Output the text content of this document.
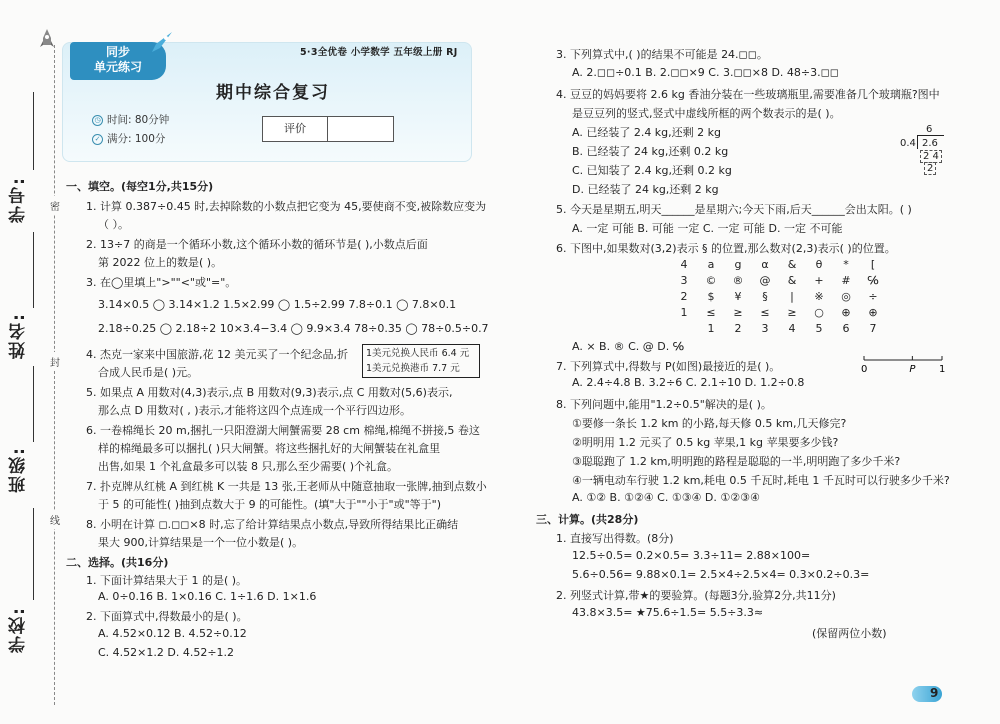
密
封
线
学号:
姓名:
班级:
学校:
同步
单元练习
5·3全优卷 小学数学 五年级上册 RJ
期中综合复习
◷ 时间: 80分钟
✓ 满分: 100分
评价
一、填空。(每空1分,共15分)
1. 计算 0.387÷0.45 时,去掉除数的小数点把它变为 45,要使商不变,被除数应变为
（ ）。
2. 13÷7 的商是一个循环小数,这个循环小数的循环节是( ),小数点后面
第 2022 位上的数是( )。
3. 在◯里填上">""<"或"="。
3.14×0.5 ◯ 3.14×1.2 1.5×2.99 ◯ 1.5÷2.99 7.8÷0.1 ◯ 7.8×0.1
2.18÷0.25 ◯ 2.18÷2 10×3.4−3.4 ◯ 9.9×3.4 78÷0.35 ◯ 78÷0.5÷0.7
4. 杰克一家来中国旅游,花 12 美元买了一个纪念品,折
合成人民币是( )元。
1美元兑换人民币 6.4 元
1美元兑换港币 7.7 元
5. 如果点 A 用数对(4,3)表示,点 B 用数对(9,3)表示,点 C 用数对(5,6)表示,
那么点 D 用数对( , )表示,才能将这四个点连成一个平行四边形。
6. 一卷棉绳长 20 m,捆扎一只阳澄湖大闸蟹需要 28 cm 棉绳,棉绳不拼接,5 卷这
样的棉绳最多可以捆扎( )只大闸蟹。将这些捆扎好的大闸蟹装在礼盒里
出售,如果 1 个礼盒最多可以装 8 只,那么至少需要( )个礼盒。
7. 扑克牌从红桃 A 到红桃 K 一共是 13 张,王老师从中随意抽取一张牌,抽到点数小
于 5 的可能性( )抽到点数大于 9 的可能性。(填"大于""小于"或"等于")
8. 小明在计算 ◻.◻◻×8 时,忘了给计算结果点小数点,导致所得结果比正确结
果大 900,计算结果是一个一位小数是( )。
二、选择。(共16分)
1. 下面计算结果大于 1 的是( )。
A. 0÷0.16 B. 1×0.16 C. 1÷1.6 D. 1×1.6
2. 下面算式中,得数最小的是( )。
A. 4.52×0.12 B. 4.52÷0.12
C. 4.52×1.2 D. 4.52÷1.2
3. 下列算式中,( )的结果不可能是 24.◻◻。
A. 2.◻◻÷0.1 B. 2.◻◻×9 C. 3.◻◻×8 D. 48÷3.◻◻
4. 豆豆的妈妈要将 2.6 kg 香油分装在一些玻璃瓶里,需要准备几个玻璃瓶?图中
是豆豆列的竖式,竖式中虚线所框的两个数表示的是( )。
A. 已经装了 2.4 kg,还剩 2 kg
B. 已经装了 24 kg,还剩 0.2 kg
C. 已知装了 2.4 kg,还剩 0.2 kg
D. 已经装了 24 kg,还剩 2 kg
6
0.4 2.6
2 4
2
5. 今天是星期五,明天______是星期六;今天下雨,后天______会出太阳。( )
A. 一定 可能 B. 可能 一定 C. 一定 可能 D. 一定 不可能
6. 下图中,如果数对(3,2)表示 § 的位置,那么数对(2,3)表示( )的位置。
4	a	g	α	&	θ	*	[
3	©	®	@	&	+	#	℅
2	$	¥	§	|	※	◎	÷
1	≤	≥	≤	≥	○	⊕	⊕
1	2	3	4	5	6	7
A. × B. ® C. @ D. ℅
7. 下列算式中,得数与 P(如图)最接近的是( )。	0	P 1
A. 2.4÷4.8 B. 3.2÷6 C. 2.1÷10 D. 1.2÷0.8
8. 下列问题中,能用"1.2÷0.5"解决的是( )。
①要修一条长 1.2 km 的小路,每天修 0.5 km,几天修完?
②明明用 1.2 元买了 0.5 kg 苹果,1 kg 苹果要多少钱?
③聪聪跑了 1.2 km,明明跑的路程是聪聪的一半,明明跑了多少千米?
④一辆电动车行驶 1.2 km,耗电 0.5 千瓦时,耗电 1 千瓦时可以行驶多少千米?
A. ①② B. ①②④ C. ①③④ D. ①②③④
三、计算。(共28分)
1. 直接写出得数。(8分)
12.5÷0.5= 0.2×0.5= 3.3÷11= 2.88×100=
5.6÷0.56= 9.88×0.1= 2.5×4÷2.5×4= 0.3×0.2÷0.3=
2. 列竖式计算,带★的要验算。(每题3分,验算2分,共11分)
43.8×3.5= ★75.6÷1.5= 5.5÷3.3≈
(保留两位小数)
9
